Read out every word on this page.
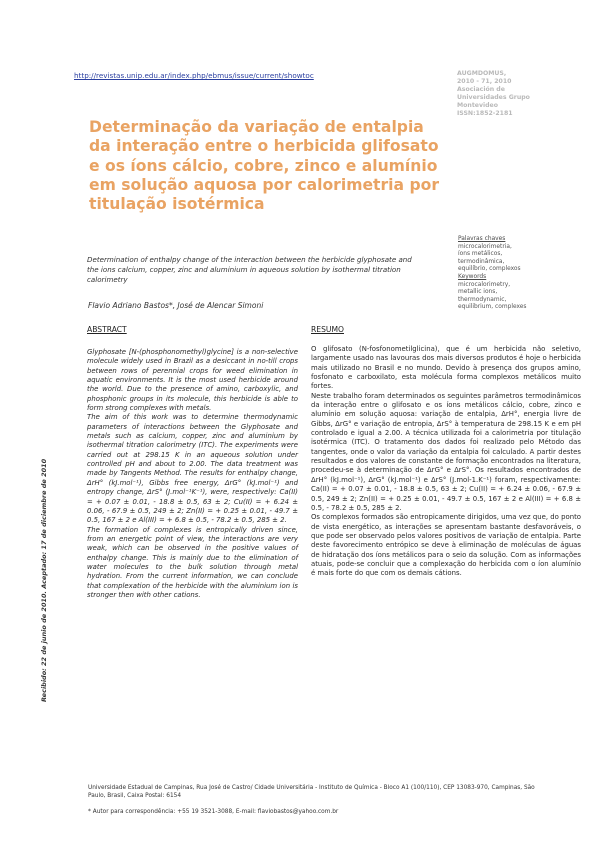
http://revistas.unip.edu.ar/index.php/ebmus/issue/current/showtoc	AUGMDOMUS,
2010 - 71, 2010
Asociación de
Universidades Grupo
Montevideo
ISSN:1852-2181
Determinação da variação de entalpia da interação entre o herbicida glifosato e os íons cálcio, cobre, zinco e alumínio em solução aquosa por calorimetria por titulação isotérmica
Palavras chaves
microcalorimetria,
íons metálicos,
termodinâmica,
equilíbrio, complexos
Keywords
microcalorimetry,
metallic ions,
thermodynamic,
equilibrium, complexes
Determination of enthalpy change of the interaction between the herbicide glyphosate and the ions calcium, copper, zinc and aluminium in aqueous solution by isothermal titration calorimetry
Flavio Adriano Bastos*, José de Alencar Simoni
ABSTRACT	RESUMO

Glyphosate [N-(phosphonomethyl)glycine] is a non-selective molecule widely used in Brazil as a desiccant in no-till crops between rows of perennial crops for weed elimination in aquatic environments. It is the most used herbicide around the world. Due to the presence of amino, carboxylic, and phosphonic groups in its molecule, this herbicide is able to form strong complexes with metals.

The aim of this work was to determine thermodynamic parameters of interactions between the Glyphosate and metals such as calcium, copper, zinc and aluminium by isothermal titration calorimetry (ITC). The experiments were carried out at 298.15 K in an aqueous solution under controlled pH and about to 2.00. The data treatment was made by Tangents Method. The results for enthalpy change, ΔrH° (kJ.mol⁻¹), Gibbs free energy, ΔrG° (kJ.mol⁻¹) and entropy change, ΔrS° (J.mol⁻¹K⁻¹), were, respectively: Ca(II) = + 0.07 ± 0.01, - 18.8 ± 0.5, 63 ± 2; Cu(II) = + 6.24 ± 0.06, - 67.9 ± 0.5, 249 ± 2; Zn(II) = + 0.25 ± 0.01, - 49.7 ± 0.5, 167 ± 2 e Al(III) = + 6.8 ± 0.5, - 78.2 ± 0.5, 285 ± 2.

The formation of complexes is entropically driven since, from an energetic point of view, the interactions are very weak, which can be observed in the positive values of enthalpy change. This is mainly due to the elimination of water molecules to the bulk solution through metal hydration. From the current information, we can conclude that complexation of the herbicide with the aluminium ion is stronger then with other cations.

O glifosato (N-fosfonometilglicina), que é um herbicida não seletivo, largamente usado nas lavouras dos mais diversos produtos é hoje o herbicida mais utilizado no Brasil e no mundo. Devido à presença dos grupos amino, fosfonato e carboxilato, esta molécula forma complexos metálicos muito fortes.

Neste trabalho foram determinados os seguintes parâmetros termodinâmicos da interação entre o glifosato e os íons metálicos cálcio, cobre, zinco e alumínio em solução aquosa: variação de entalpia, ΔrH°, energia livre de Gibbs, ΔrG° e variação de entropia, ΔrS° à temperatura de 298.15 K e em pH controlado e igual a 2.00. A técnica utilizada foi a calorimetria por titulação isotérmica (ITC). O tratamento dos dados foi realizado pelo Método das tangentes, onde o valor da variação da entalpia foi calculado. A partir destes resultados e dos valores de constante de formação encontrados na literatura, procedeu-se à determinação de ΔrG° e ΔrS°. Os resultados encontrados de ΔrH° (kJ.mol⁻¹), ΔrG° (kJ.mol⁻¹) e ΔrS° (J.mol-1.K⁻¹) foram, respectivamente: Ca(II) = + 0.07 ± 0.01, - 18.8 ± 0.5, 63 ± 2; Cu(II) = + 6.24 ± 0.06, - 67.9 ± 0.5, 249 ± 2; Zn(II) = + 0.25 ± 0.01, - 49.7 ± 0.5, 167 ± 2 e Al(III) = + 6.8 ± 0.5, - 78.2 ± 0.5, 285 ± 2.

Os complexos formados são entropicamente dirigidos, uma vez que, do ponto de vista energético, as interações se apresentam bastante desfavoráveis, o que pode ser observado pelos valores positivos de variação de entalpia. Parte deste favorecimento entrópico se deve à eliminação de moléculas de águas de hidratação dos íons metálicos para o seio da solução. Com as informações atuais, pode-se concluir que a complexação do herbicida com o íon alumínio é mais forte do que com os demais cátions.

Recibido: 22 de junio de 2010. Aceptado: 17 de diciembre de 2010
Universidade Estadual de Campinas, Rua José de Castro/ Cidade Universitária - Instituto de Química - Bloco A1 (100/110), CEP 13083-970, Campinas, São Paulo, Brasil, Caixa Postal: 6154
* Autor para correspondência: +55 19 3521-3088, E-mail: flaviobastos@yahoo.com.br
